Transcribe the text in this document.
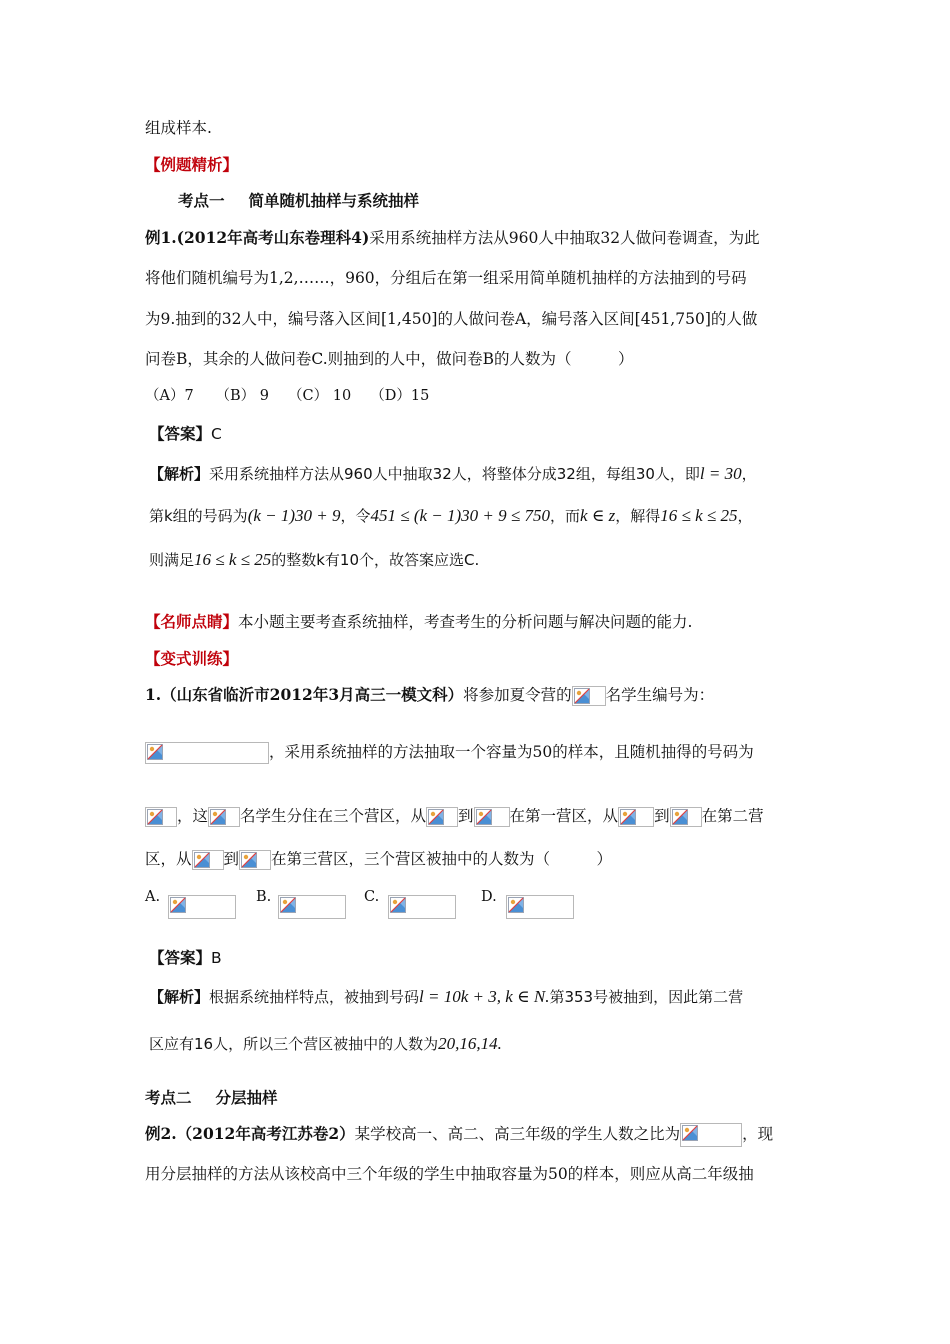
组成样本.
【例题精析】
考点一 简单随机抽样与系统抽样
例1.(2012年高考山东卷理科4)采用系统抽样方法从960人中抽取32人做问卷调查，为此
将他们随机编号为1,2,……，960，分组后在第一组采用简单随机抽样的方法抽到的号码
为9.抽到的32人中，编号落入区间[1,450]的人做问卷A，编号落入区间[451,750]的人做
问卷B，其余的人做问卷C.则抽到的人中，做问卷B的人数为（　　　）
（A）7　　（B） 9　 （C） 10　 （D）15
【答案】C
【解析】采用系统抽样方法从960人中抽取32人，将整体分成32组，每组30人，即l = 30，
第k组的号码为(k − 1)30 + 9，令451 ≤ (k − 1)30 + 9 ≤ 750，而k ∈ z，解得16 ≤ k ≤ 25，
则满足16 ≤ k ≤ 25的整数k有10个，故答案应选C.
【名师点睛】本小题主要考查系统抽样，考查考生的分析问题与解决问题的能力.
【变式训练】
1.（山东省临沂市2012年3月高三一模文科）将参加夏令营的 名学生编号为：
，采用系统抽样的方法抽取一个容量为50的样本，且随机抽得的号码为
，这 名学生分住在三个营区，从 到 在第一营区，从 到 在第二营
区，从 到 在第三营区，三个营区被抽中的人数为（　　　）
A.	B.	C.	D.
【答案】B
【解析】根据系统抽样特点，被抽到号码l = 10k + 3, k ∈ N.第353号被抽到，因此第二营
区应有16人，所以三个营区被抽中的人数为20,16,14.
考点二 分层抽样
例2.（2012年高考江苏卷2）某学校高一、高二、高三年级的学生人数之比为	，现
用分层抽样的方法从该校高中三个年级的学生中抽取容量为50的样本，则应从高二年级抽
